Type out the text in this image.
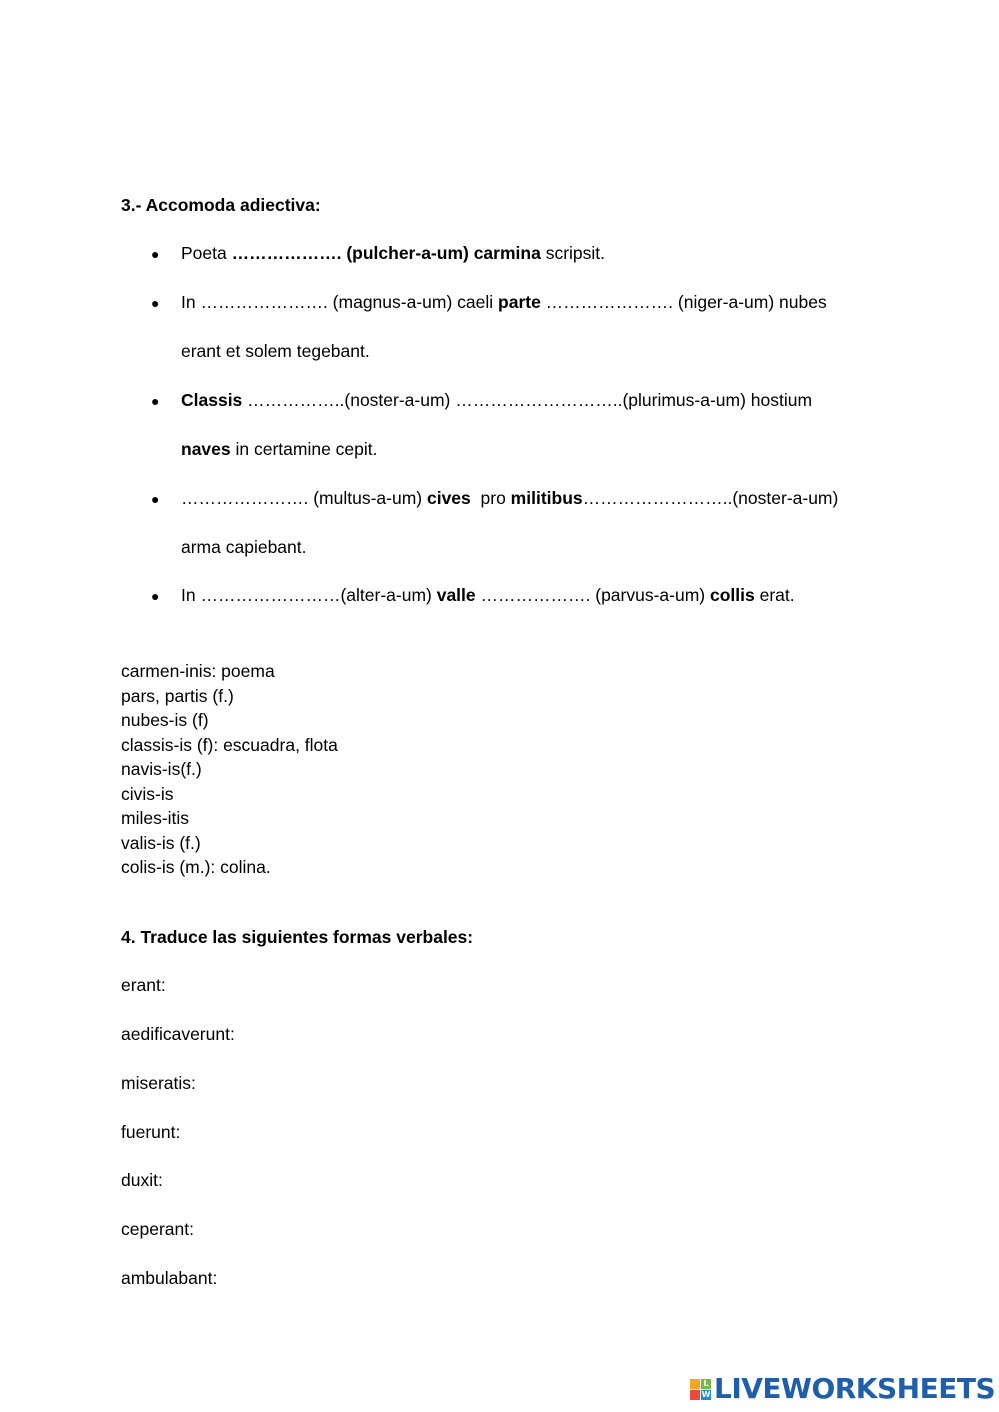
3.- Accomoda adiectiva:
● Poeta ………………. (pulcher-a-um) carmina scripsit.
● In …………………. (magnus-a-um) caeli parte …………………. (niger-a-um) nubes
erant et solem tegebant.
● Classis ……………..(noster-a-um) ………………………..(plurimus-a-um) hostium
naves in certamine cepit.
● …………………. (multus-a-um) cives  pro militibus……………………..(noster-a-um)
arma capiebant.
● In ……………………(alter-a-um) valle ………………. (parvus-a-um) collis erat.
carmen-inis: poema
pars, partis (f.)
nubes-is (f)
classis-is (f): escuadra, flota
navis-is(f.)
civis-is
miles-itis
valis-is (f.)
colis-is (m.): colina.
4. Traduce las siguientes formas verbales:
erant:
aedificaverunt:
miseratis:
fuerunt:
duxit:
ceperant:
ambulabant:
L
W LIVEWORKSHEETS
